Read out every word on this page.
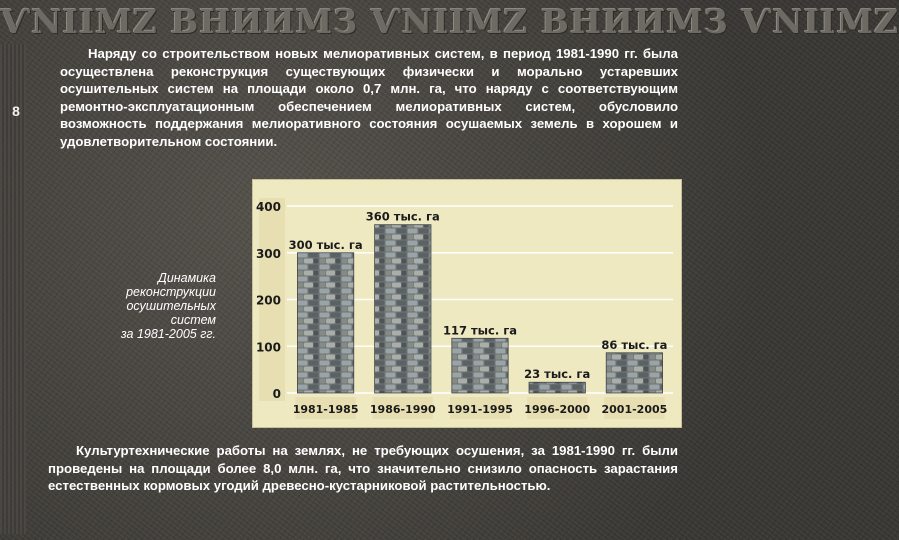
ѴNIIMZ ВНИИМЗ ѴNIIMZ ВНИИМЗ ѴNIIMZ
8

Наряду со строительством новых мелиоративных систем, в период 1981-1990 гг. была осуществлена реконструкция существующих физически и морально устаревших осушительных систем на площади около 0,7 млн. га, что наряду с соответствующим ремонтно-эксплуатационным обеспечением мелиоративных систем, обусловило возможность поддержания мелиоративного состояния осушаемых земель в хорошем и удовлетворительном состоянии.

0
100
200
300
400
300 тыс. га
1981-1985
360 тыс. га
1986-1990
117 тыс. га
1991-1995
23 тыс. га
1996-2000
86 тыс. га
2001-2005
Динамика
реконструкции
осушительных
систем
за 1981-2005 гг.

Культуртехнические работы на землях, не требующих осушения, за 1981-1990 гг. были проведены на площади более 8,0 млн. га, что значительно снизило опасность зарастания естественных кормовых угодий древесно-кустарниковой растительностью.
